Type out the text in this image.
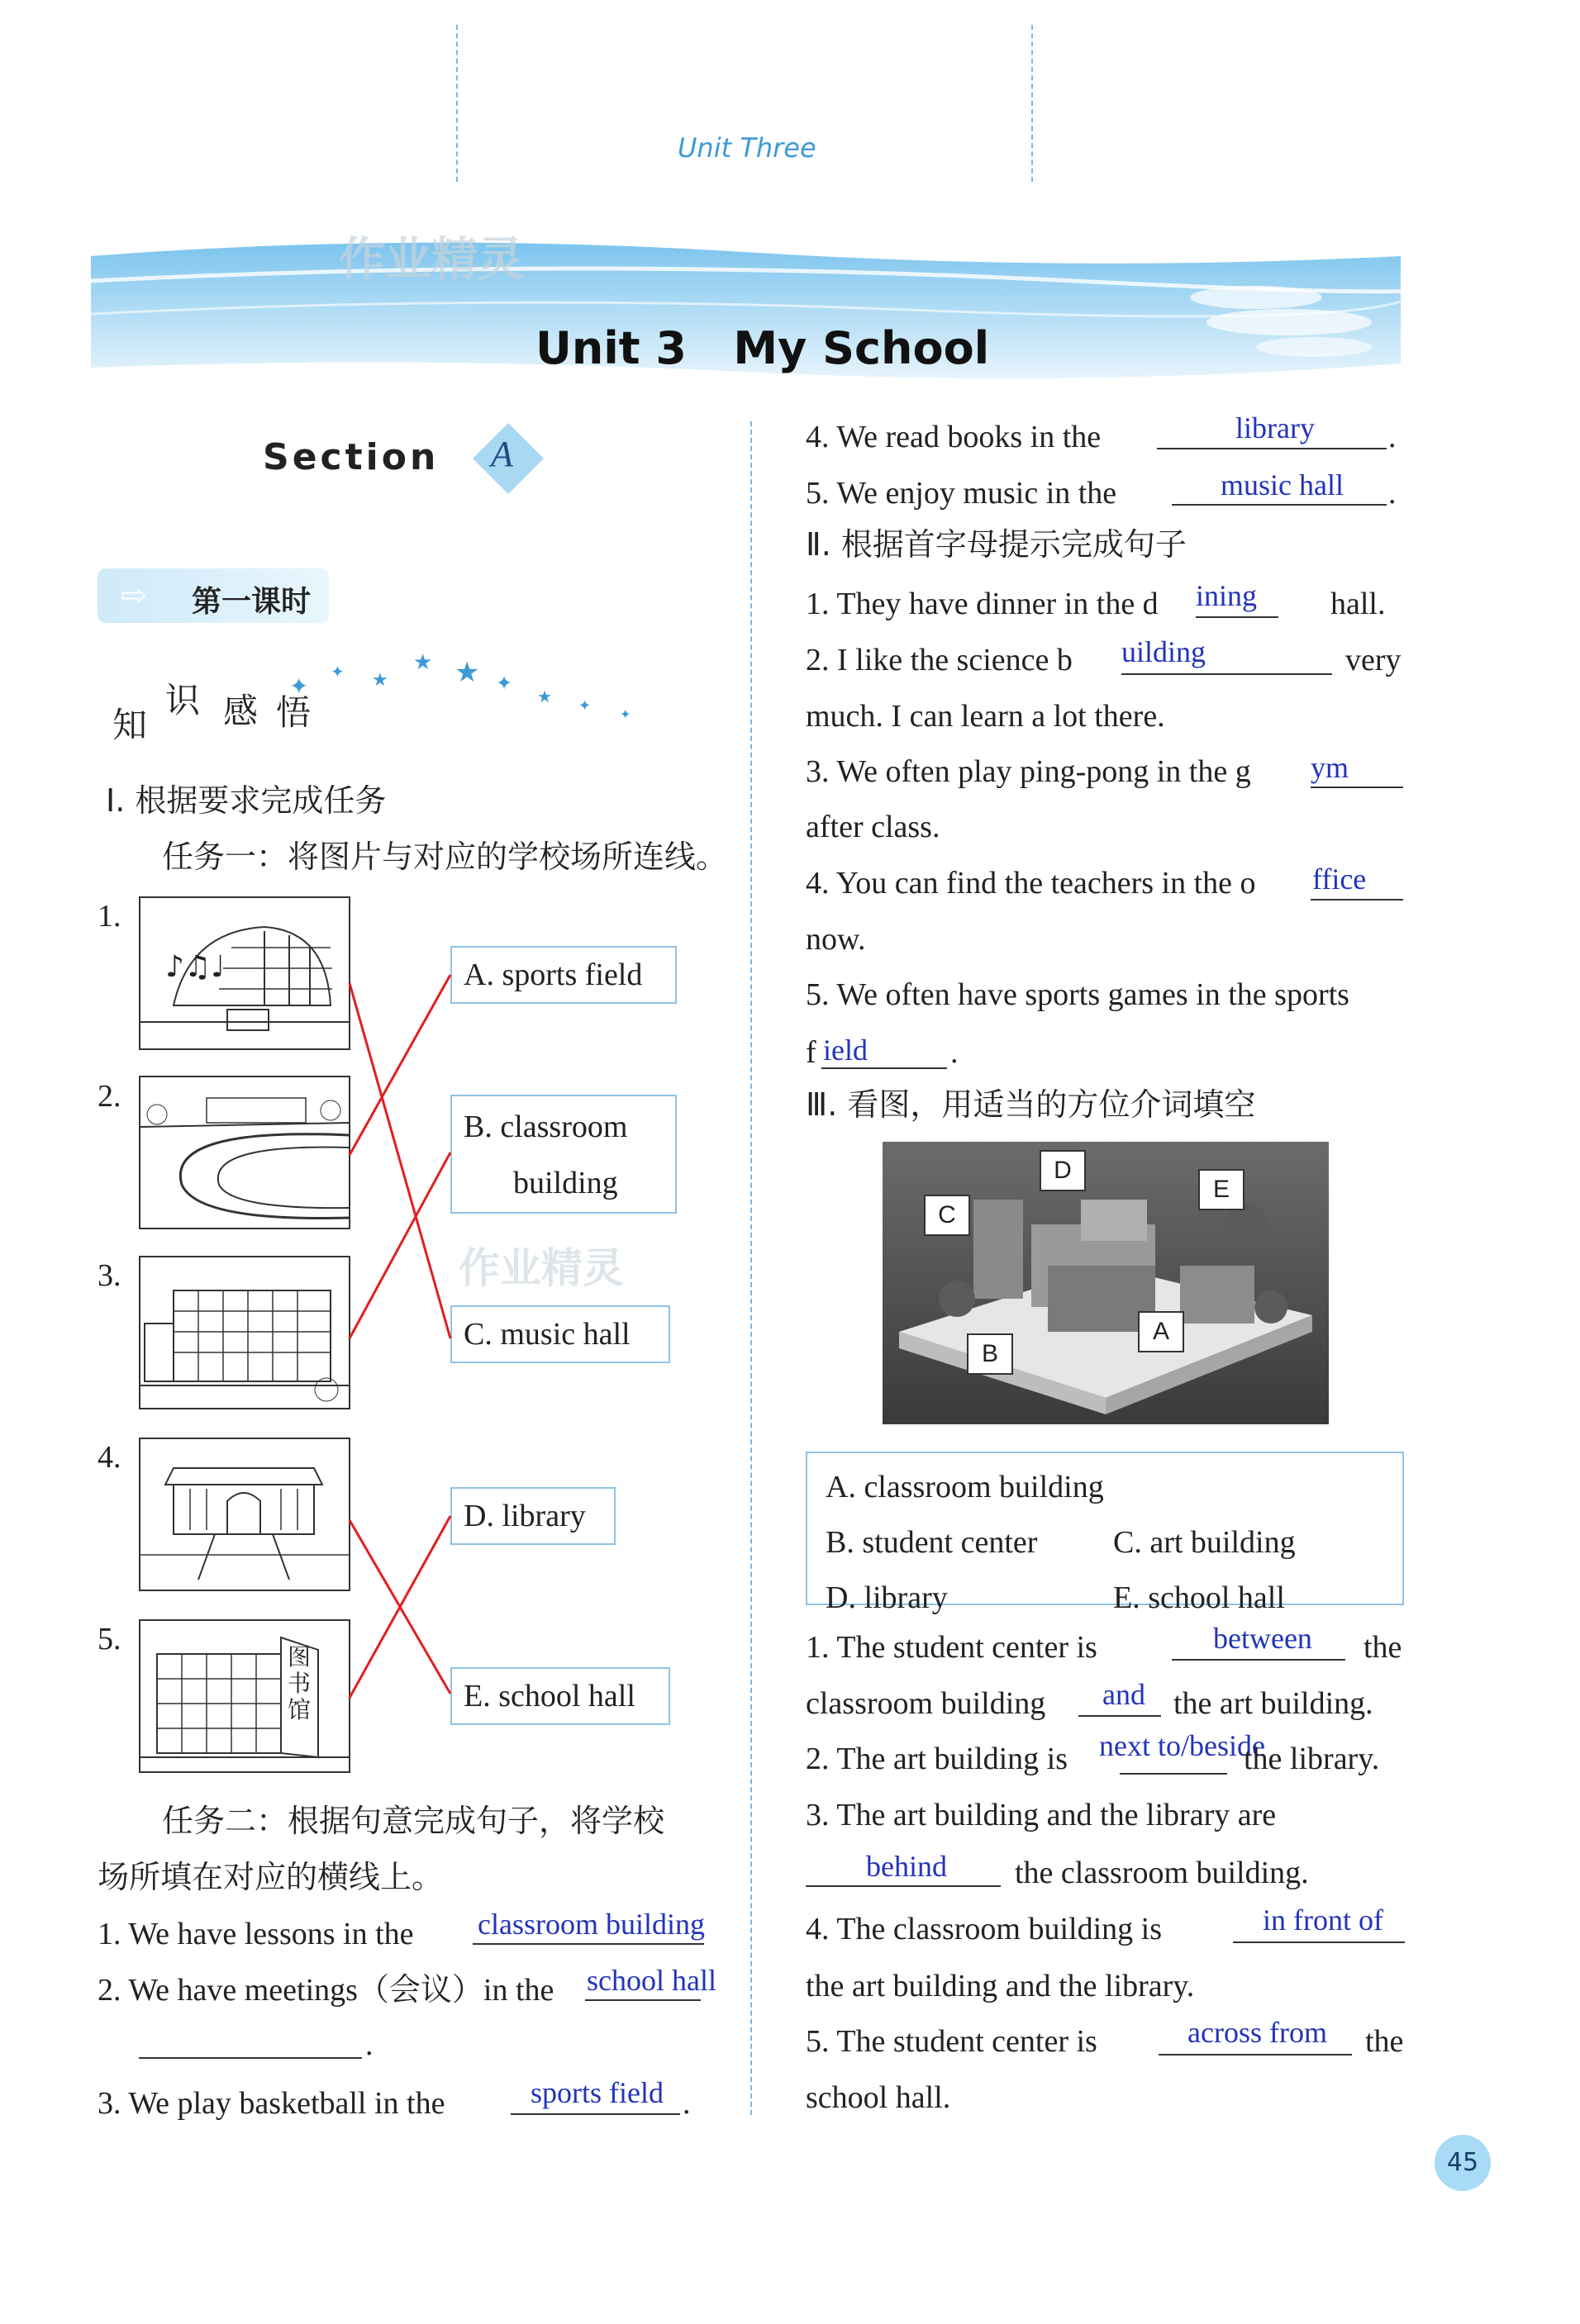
Unit Three
作业精灵
Unit 3   My School
Section A
⇨ 第一课时
知
识 感 悟
✦
✦ ★
★ ★ ✦
★ ✦ ✦
Ⅰ. 根据要求完成任务
任务一：将图片与对应的学校场所连线。
1.
♪♫♩
2.
3.
4.
5.
图书馆
A. sports field
B. classroom
building
C. music hall
D. library
E. school hall
作业精灵
任务二：根据句意完成句子，将学校
场所填在对应的横线上。
1. We have lessons in the classroom building
2. We have meetings（会议）in the school hall
.
3. We play basketball in the	sports field .
4. We read books in the	library .
5. We enjoy music in the	music hall .
Ⅱ. 根据首字母提示完成句子
1. They have dinner in the d ining hall.
2. I like the science b uilding	very
much. I can learn a lot there.
3. We often play ping-pong in the g ym
after class.
4. You can find the teachers in the o ffice
now.
5. We often have sports games in the sports
f ield	.
Ⅲ. 看图，用适当的方位介词填空
A
B
C
D
E
A. classroom building
B. student center C. art building
D. library	E. school hall
1. The student center is	between the
classroom building and the art building.
2. The art building is next to/beside
the library.
3. The art building and the library are
behind the classroom building.
4. The classroom building is	in front of
the art building and the library.
5. The student center is	across from the
school hall.
45
